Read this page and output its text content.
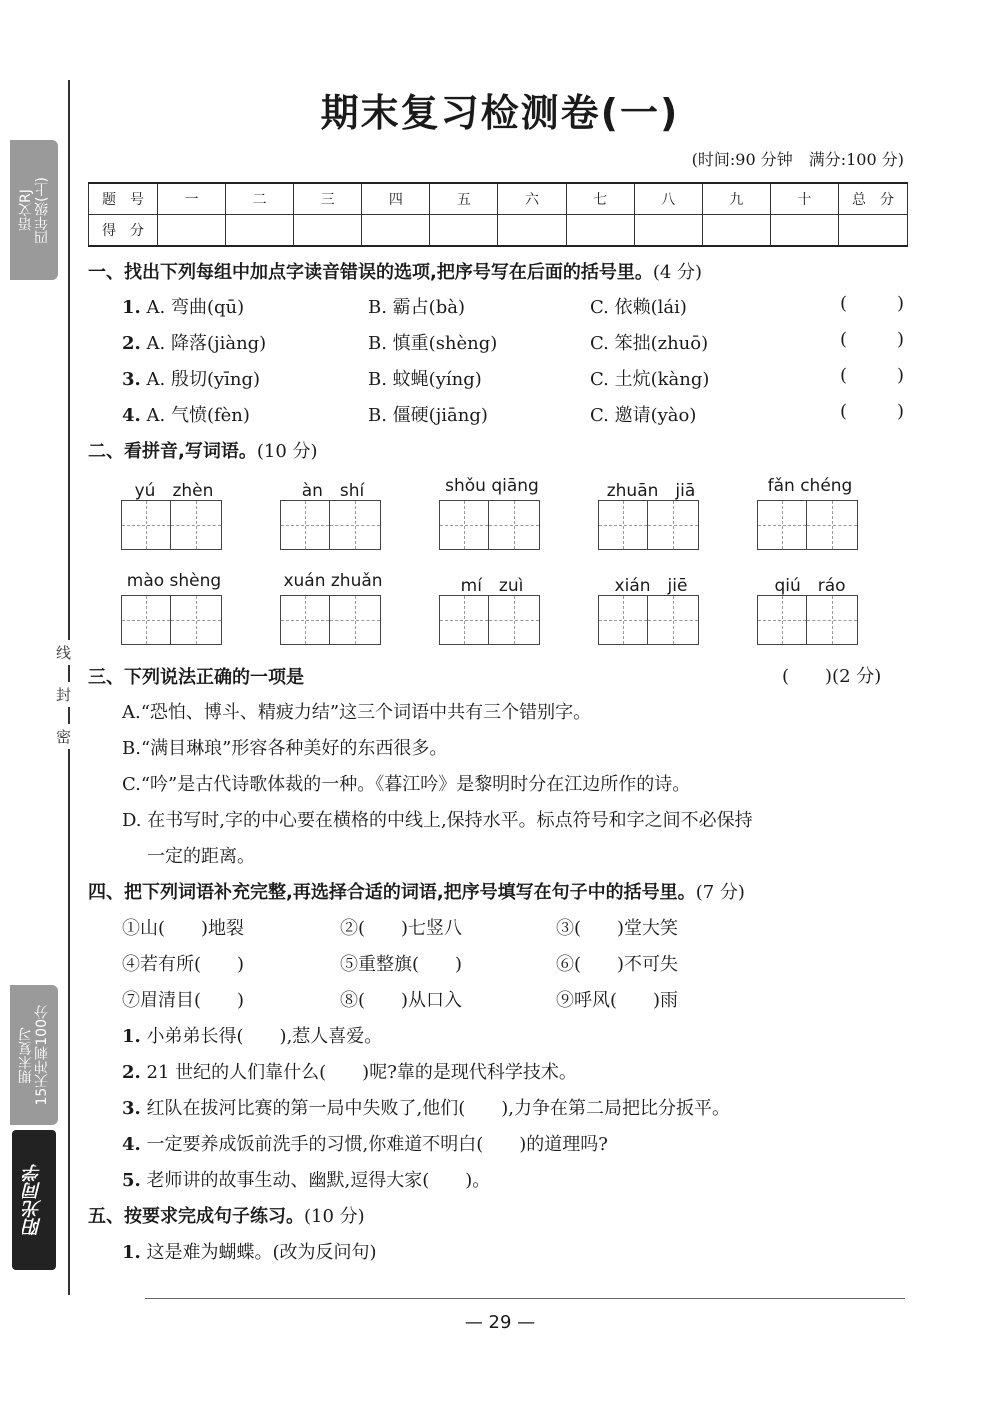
语文RJ
四年级(上)
线
封
密
期末复习
15天冲刺100分
阳光同学
期末复习检测卷(一)
(时间:90 分钟　满分:100 分)
题　号	一	二	三	四	五	六	七	八	九	十	总　分
得　分											
一、找出下列每组中加点字读音错误的选项,把序号写在后面的括号里。(4 分)
1. A. 弯曲(qū)	B. 霸占(bà)	C. 依赖(lái)	(	)
2. A. 降落(jiàng)	B. 慎重(shèng)	C. 笨拙(zhuō)	(	)
3. A. 殷切(yīng)	B. 蚊蝇(yíng)	C. 土炕(kàng)	(	)
4. A. 气愤(fèn)	B. 僵硬(jiāng)	C. 邀请(yào)	(	)
二、看拼音,写词语。(10 分)
yú　zhèn	àn　shí	shǒu qiāng	zhuān　jiā	fǎn chéng
mào shèng	xuán zhuǎn	mí　zuì	xián　jiē	qiú　ráo
三、下列说法正确的一项是	(　　)(2 分)
A.“恐怕、博斗、精疲力结”这三个词语中共有三个错别字。
B.“满目琳琅”形容各种美好的东西很多。
C.“吟”是古代诗歌体裁的一种。《暮江吟》是黎明时分在江边所作的诗。
D. 在书写时,字的中心要在横格的中线上,保持水平。标点符号和字之间不必保持
一定的距离。
四、把下列词语补充完整,再选择合适的词语,把序号填写在句子中的括号里。(7 分)
①山(　　)地裂	②(　　)七竖八	③(　　)堂大笑
④若有所(　　)	⑤重整旗(　　)	⑥(　　)不可失
⑦眉清目(　　)	⑧(　　)从口入	⑨呼风(　　)雨
1. 小弟弟长得(　　),惹人喜爱。
2. 21 世纪的人们靠什么(　　)呢?靠的是现代科学技术。
3. 红队在拔河比赛的第一局中失败了,他们(　　),力争在第二局把比分扳平。
4. 一定要养成饭前洗手的习惯,你难道不明白(　　)的道理吗?
5. 老师讲的故事生动、幽默,逗得大家(　　)。
五、按要求完成句子练习。(10 分)
1. 这是难为蝴蝶。(改为反问句)
— 29 —
